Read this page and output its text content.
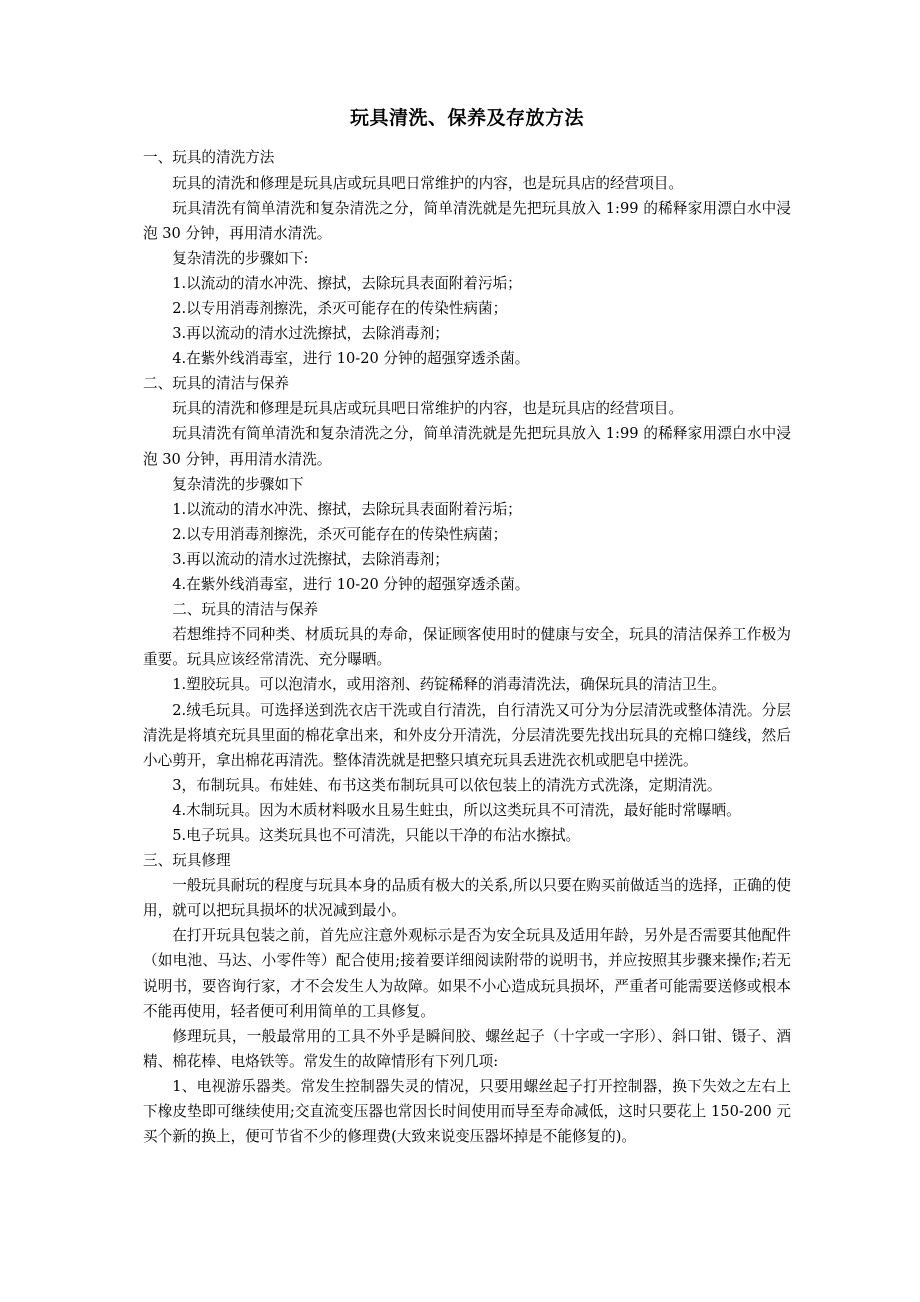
玩具清洗、保养及存放方法

一、玩具的清洗方法

玩具的清洗和修理是玩具店或玩具吧日常维护的内容，也是玩具店的经营项目。

玩具清洗有简单清洗和复杂清洗之分，简单清洗就是先把玩具放入 1:99 的稀释家用漂白水中浸泡 30 分钟，再用清水清洗。

复杂清洗的步骤如下:

1.以流动的清水冲洗、擦拭，去除玩具表面附着污垢；

2.以专用消毒剂擦洗，杀灭可能存在的传染性病菌；

3.再以流动的清水过洗擦拭，去除消毒剂；

4.在紫外线消毒室，进行 10-20 分钟的超强穿透杀菌。

二、玩具的清洁与保养

玩具的清洗和修理是玩具店或玩具吧日常维护的内容，也是玩具店的经营项目。

玩具清洗有简单清洗和复杂清洗之分，简单清洗就是先把玩具放入 1:99 的稀释家用漂白水中浸泡 30 分钟，再用清水清洗。

复杂清洗的步骤如下

1.以流动的清水冲洗、擦拭，去除玩具表面附着污垢；

2.以专用消毒剂擦洗，杀灭可能存在的传染性病菌；

3.再以流动的清水过洗擦拭，去除消毒剂；

4.在紫外线消毒室，进行 10-20 分钟的超强穿透杀菌。

二、玩具的清洁与保养

若想维持不同种类、材质玩具的寿命，保证顾客使用时的健康与安全，玩具的清洁保养工作极为重要。玩具应该经常清洗、充分曝晒。

1.塑胶玩具。可以泡清水，或用溶剂、药锭稀释的消毒清洗法，确保玩具的清洁卫生。

2.绒毛玩具。可选择送到洗衣店干洗或自行清洗，自行清洗又可分为分层清洗或整体清洗。分层清洗是将填充玩具里面的棉花拿出来，和外皮分开清洗，分层清洗要先找出玩具的充棉口缝线，然后小心剪开，拿出棉花再清洗。整体清洗就是把整只填充玩具丢进洗衣机或肥皂中搓洗。

3，布制玩具。布娃娃、布书这类布制玩具可以依包装上的清洗方式洗涤，定期清洗。

4.木制玩具。因为木质材料吸水且易生蛀虫，所以这类玩具不可清洗，最好能时常曝晒。

5.电子玩具。这类玩具也不可清洗，只能以干净的布沾水擦拭。

三、玩具修理

一般玩具耐玩的程度与玩具本身的品质有极大的关系,所以只要在购买前做适当的选择，正确的使用，就可以把玩具损坏的状况减到最小。

在打开玩具包装之前，首先应注意外观标示是否为安全玩具及适用年龄，另外是否需要其他配件（如电池、马达、小零件等）配合使用;接着要详细阅读附带的说明书，并应按照其步骤来操作;若无说明书，要咨询行家，才不会发生人为故障。如果不小心造成玩具损坏，严重者可能需要送修或根本不能再使用，轻者便可利用简单的工具修复。

修理玩具，一般最常用的工具不外乎是瞬间胶、螺丝起子（十字或一字形）、斜口钳、镊子、酒精、棉花棒、电烙铁等。常发生的故障情形有下列几项:

1、电视游乐器类。常发生控制器失灵的情况，只要用螺丝起子打开控制器，换下失效之左右上下橡皮垫即可继续使用;交直流变压器也常因长时间使用而导至寿命减低，这时只要花上 150-200 元买个新的换上，便可节省不少的修理费(大致来说变压器坏掉是不能修复的)。
